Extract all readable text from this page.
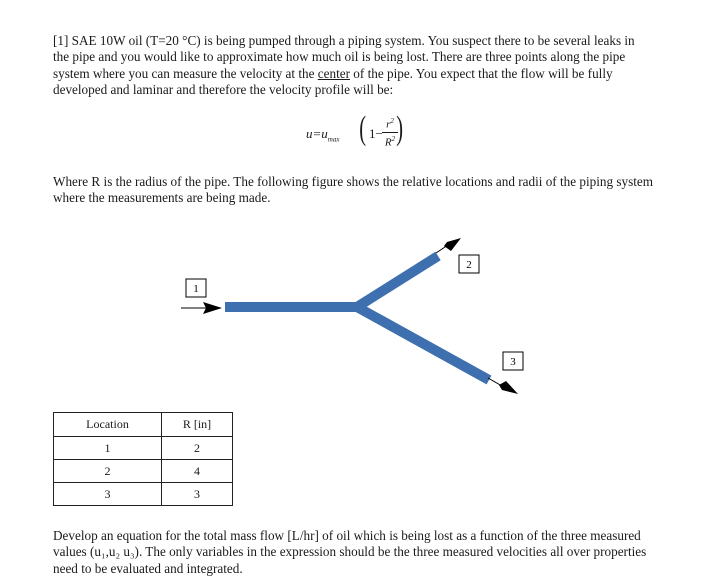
[1] SAE 10W oil (T=20 °C) is being pumped through a piping system. You suspect there to be several leaks in the pipe and you would like to approximate how much oil is being lost. There are three points along the pipe system where you can measure the velocity at the center of the pipe. You expect that the flow will be fully developed and laminar and therefore the velocity profile will be:

$u=u_{max}$ ( $1- \frac{r^2}{R^2}$
)

Where R is the radius of the pipe. The following figure shows the relative locations and radii of the piping system where the measurements are being made.

1
2
3
Location	R [in]
1	2
2	4
3	3

Develop an equation for the total mass flow [L/hr] of oil which is being lost as a function of the three measured values (u₁,u₂ u₃). The only variables in the expression should be the three measured velocities all over properties need to be evaluated and integrated.
